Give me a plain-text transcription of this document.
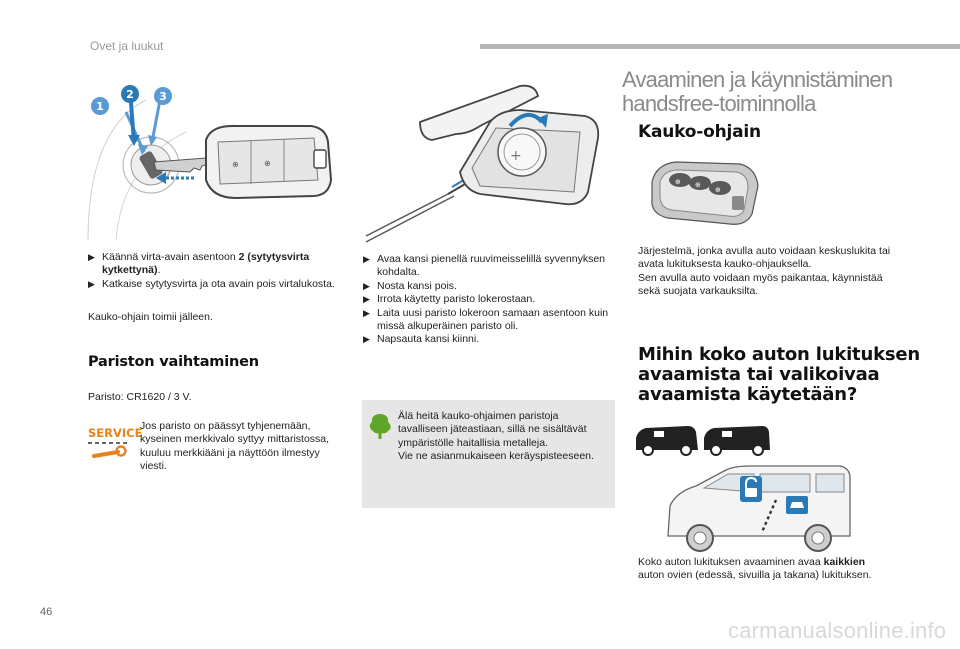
Ovet ja luukut
⊕	⊕
1
2 3
+
▶ Käännä virta-avain asentoon 2 (sytytysvirta kytkettynä).
▶ Katkaise sytytysvirta ja ota avain pois virtalukosta.
Kauko-ohjain toimii jälleen.
Pariston vaihtaminen
Paristo: CR1620 / 3 V.
SERVICE
Jos paristo on päässyt tyhjenemään, kyseinen merkkivalo syttyy mittaristossa, kuuluu merkkiääni ja näyttöön ilmestyy viesti.
▶ Avaa kansi pienellä ruuvimeisselillä syvennyksen kohdalta.
▶ Nosta kansi pois.
▶ Irrota käytetty paristo lokerostaan.
▶ Laita uusi paristo lokeroon samaan asentoon kuin missä alkuperäinen paristo oli.
▶ Napsauta kansi kiinni.
Älä heitä kauko-ohjaimen paristoja tavalliseen jäteastiaan, sillä ne sisältävät ympäristölle haitallisia metalleja.
Vie ne asianmukaiseen keräyspisteeseen.
Avaaminen ja käynnistäminen
handsfree-toiminnolla
Kauko-ohjain
⊕ ⊕
⊕
Järjestelmä, jonka avulla auto voidaan keskuslukita tai avata lukituksesta kauko-ohjauksella.
Sen avulla auto voidaan myös paikantaa, käynnistää sekä suojata varkauksilta.
Mihin koko auton lukituksen
avaamista tai valikoivaa
avaamista käytetään?
Koko auton lukituksen avaaminen avaa kaikkien
auton ovien (edessä, sivuilla ja takana) lukituksen.
46
carmanualsonline.info
